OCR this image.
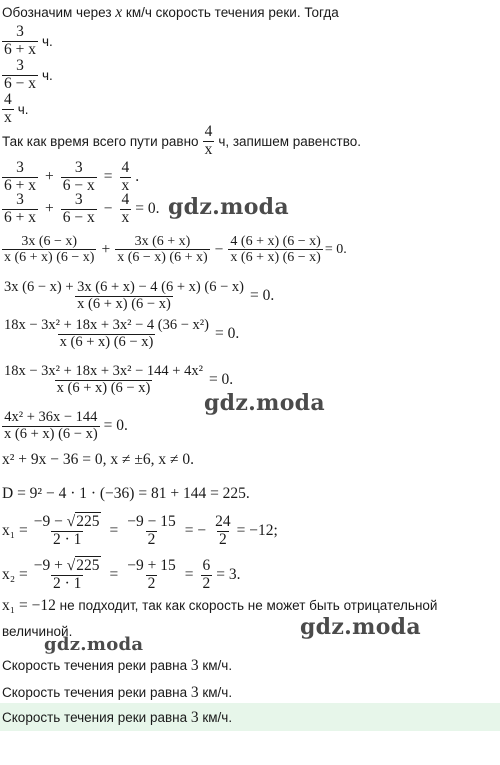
Обозначим через x км/ч скорость течения реки. Тогда
$\frac{3}{6 + x} ч$.
$\frac{3}{6 - x} ч$.
$\frac{4}{x} ч$.
Так как время всего пути равно $\frac{4}{x} ч$, запишем равенство.
$\frac{3}{6 + x} + \frac{3}{6 - x} = \frac{4}{x}$ .
$\frac{3}{6 + x} + \frac{3}{6 - x} - \frac{4}{x} = 0$.
$\frac{3x (6 - x)}{x (6 + x) (6 - x)} + \frac{3x (6 + x)}{x (6 - x) (6 + x)} - \frac{4 (6 + x) (6 - x)}{x (6 + x) (6 - x)} = 0$.
$\frac{3x (6 - x) + 3x (6 + x) - 4 (6 + x) (6 - x)}{x (6 + x) (6 - x)} = 0$.
$\frac{\text{18x − 3x² + 18x + 3x² − 4 (36 − x²)}}{x (6 + x) (6 - x)} = 0$.
$\frac{\text{18x − 3x² + 18x + 3x² − 144 + 4x²}}{x (6 + x) (6 - x)} = 0$.
$\frac{\text{4x² + 36x − 144}}{x (6 + x) (6 - x)} = 0$.
x² + 9x − 36 = 0, x ≠ ±6, x ≠ 0.
D = 9² − 4 · 1 · (−36) = 81 + 144 = 225.
$x_1 = \frac{-9 - √225}{2 \cdot 1} = \frac{-9 - 15}{2}$ = − $\frac{24}{2} = -12$;
$x_2 = \frac{-9 + √225}{2 \cdot 1} = \frac{-9 + 15}{2} = \frac{6}{2} = 3$.
x₁ = −12 не подходит, так как скорость не может быть отрицательной
величиной.
Скорость течения реки равна 3 км/ч.
Скорость течения реки равна 3 км/ч.
Скорость течения реки равна 3 км/ч.
gdz.moda
gdz.moda
gdz.moda
gdz.moda
